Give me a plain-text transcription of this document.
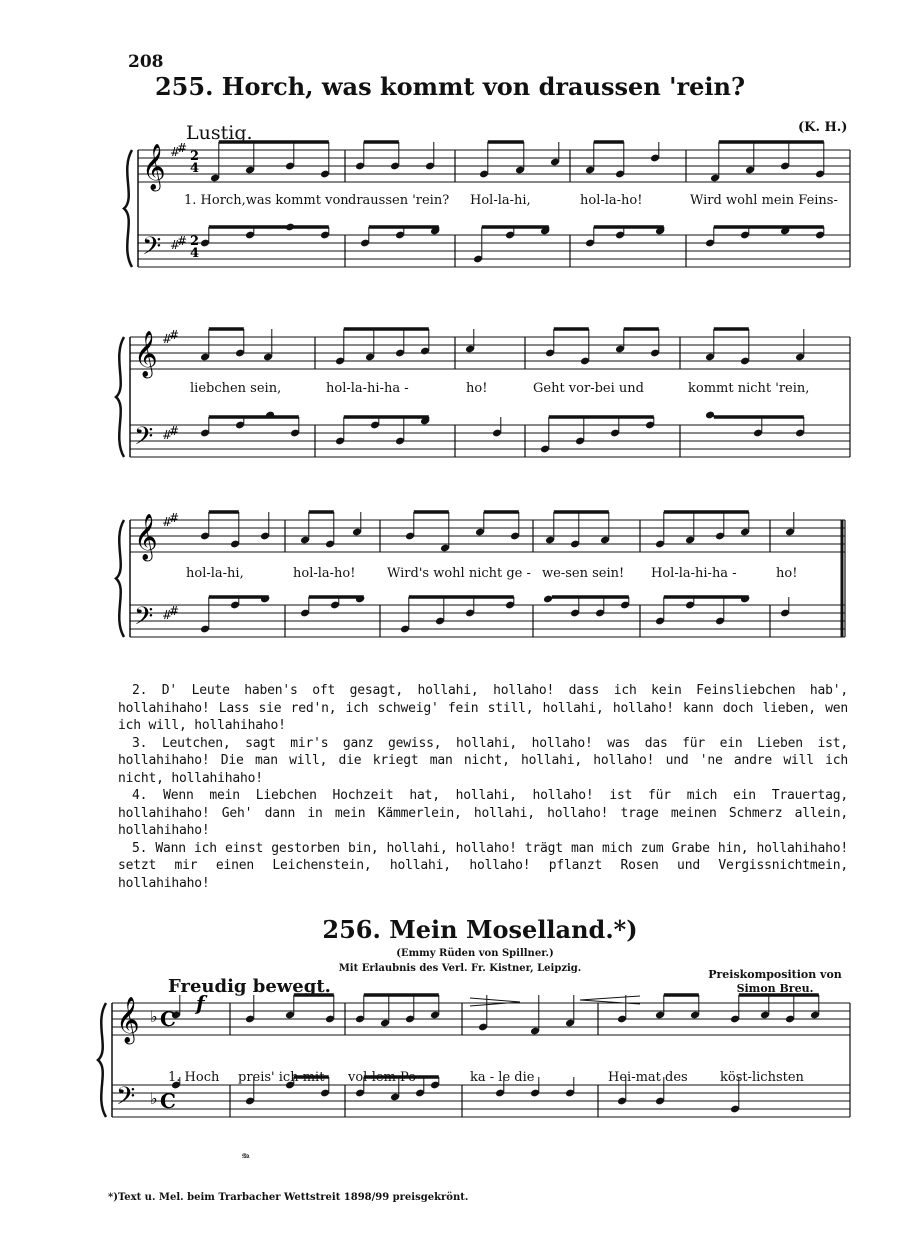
𝄞
𝄢
#
#
#
#
2
4
2
4
𝄞
𝄢
#
#
#
#
𝄞
𝄢
#
#
#
#
𝄞
𝄢
f
𝆮
♭
♭
C
C
208
255. Horch, was kommt von draussen 'rein?
Lustig.	(K. H.)
1. Horch,was kommt von draussen 'rein? Hol-la-hi,	hol-la-ho!	Wird wohl mein Feins-
liebchen sein,	hol-la-hi-ha -	ho!	Geht vor-bei und	kommt nicht 'rein,
hol-la-hi,	hol-la-ho! Wird's wohl nicht ge - we-sen sein! Hol-la-hi-ha -	ho!

2. D' Leute haben's oft gesagt, hollahi, hollaho! dass ich kein Feinsliebchen hab', hollahihaho! Lass sie red'n, ich schweig' fein still, hollahi, hollaho! kann doch lieben, wen ich will, hollahihaho!

3. Leutchen, sagt mir's ganz gewiss, hollahi, hollaho! was das für ein Lieben ist, hollahihaho! Die man will, die kriegt man nicht, hollahi, hollaho! und 'ne andre will ich nicht, hollahihaho!

4. Wenn mein Liebchen Hochzeit hat, hollahi, hollaho! ist für mich ein Trauertag, hollahihaho! Geh' dann in mein Kämmerlein, hollahi, hollaho! trage meinen Schmerz allein, hollahihaho!

5. Wann ich einst gestorben bin, hollahi, hollaho! trägt man mich zum Grabe hin, hollahihaho! setzt mir einen Leichenstein, hollahi, hollaho! pflanzt Rosen und Vergissnichtmein, hollahihaho!

256. Mein Moselland.*)
(Emmy Rüden von Spillner.)
Mit Erlaubnis des Verl. Fr. Kistner, Leipzig.	Preiskomposition von
Simon Breu.
Freudig bewegt.
1. Hoch preis' ich mit vol-lem Po -	ka - le die	Hei-mat des köst-lichsten
*)Text u. Mel. beim Trarbacher Wettstreit 1898/99 preisgekrönt.
